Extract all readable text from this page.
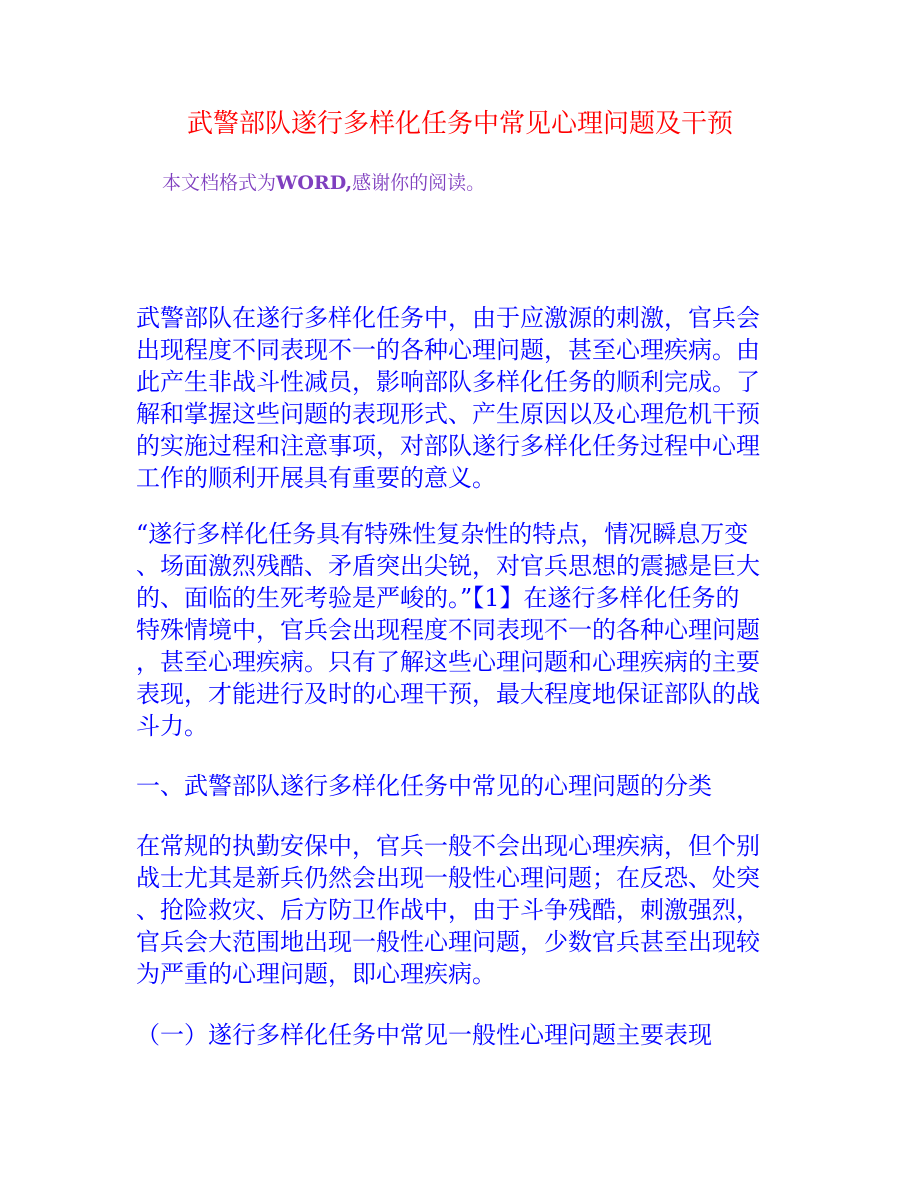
武警部队遂行多样化任务中常见心理问题及干预

本文档格式为WORD,感谢你的阅读。

武警部队在遂行多样化任务中，由于应激源的刺激，官兵会
出现程度不同表现不一的各种心理问题，甚至心理疾病。由
此产生非战斗性减员，影响部队多样化任务的顺利完成。了
解和掌握这些问题的表现形式、产生原因以及心理危机干预
的实施过程和注意事项，对部队遂行多样化任务过程中心理
工作的顺利开展具有重要的意义。

“遂行多样化任务具有特殊性复杂性的特点，情况瞬息万变
、场面激烈残酷、矛盾突出尖锐，对官兵思想的震撼是巨大
的、面临的生死考验是严峻的。”【1】在遂行多样化任务的
特殊情境中，官兵会出现程度不同表现不一的各种心理问题
，甚至心理疾病。只有了解这些心理问题和心理疾病的主要
表现，才能进行及时的心理干预，最大程度地保证部队的战
斗力。

一、武警部队遂行多样化任务中常见的心理问题的分类

在常规的执勤安保中，官兵一般不会出现心理疾病，但个别
战士尤其是新兵仍然会出现一般性心理问题；在反恐、处突
、抢险救灾、后方防卫作战中，由于斗争残酷，刺激强烈，
官兵会大范围地出现一般性心理问题，少数官兵甚至出现较
为严重的心理问题，即心理疾病。

（一）遂行多样化任务中常见一般性心理问题主要表现
